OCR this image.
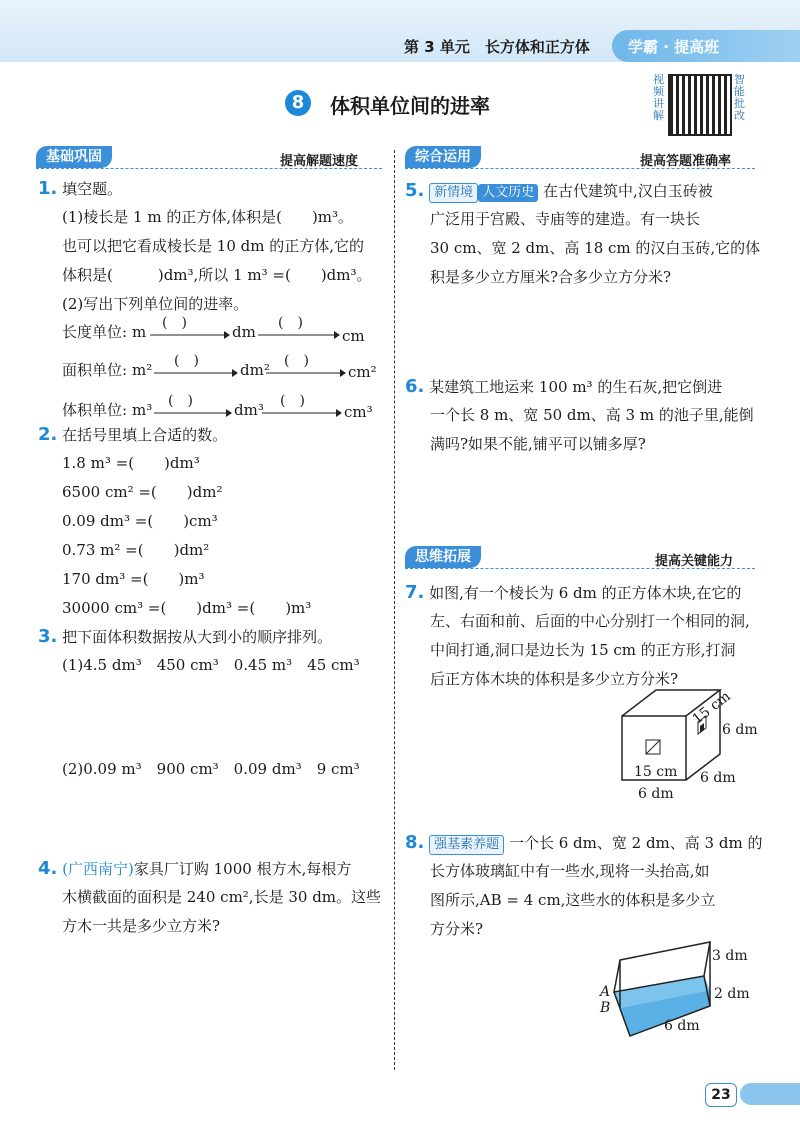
第 3 单元　长方体和正方体	学霸 · 提高班
8	体积单位间的进率
视频讲解
智能批改
基础巩固	提高解题速度	综合运用	提高答题准确率
思维拓展	提高关键能力
1. 填空题。
(1)棱长是 1 m 的正方体,体积是(　　)m³。
也可以把它看成棱长是 10 dm 的正方体,它的
体积是(　　　)dm³,所以 1 m³ =(　　)dm³。
(2)写出下列单位间的进率。
长度单位: m (　)	dm (　)
cm
面积单位: m² (　)	dm² (　)
cm²
体积单位: m³ (　)	dm³ (　)
cm³
2. 在括号里填上合适的数。
1.8 m³ =(　　)dm³
6500 cm² =(　　)dm²
0.09 dm³ =(　　)cm³
0.73 m² =(　　)dm²
170 dm³ =(　　)m³
30000 cm³ =(　　)dm³ =(　　)m³
3. 把下面体积数据按从大到小的顺序排列。
(1)4.5 dm³　450 cm³　0.45 m³　45 cm³
(2)0.09 m³　900 cm³　0.09 dm³　9 cm³
4. (广西南宁)家具厂订购 1000 根方木,每根方
木横截面的面积是 240 cm²,长是 30 dm。这些
方木一共是多少立方米?
5. 新情境 人文历史 在古代建筑中,汉白玉砖被
广泛用于宫殿、寺庙等的建造。有一块长
30 cm、宽 2 dm、高 18 cm 的汉白玉砖,它的体
积是多少立方厘米?合多少立方分米?
6. 某建筑工地运来 100 m³ 的生石灰,把它倒进
一个长 8 m、宽 50 dm、高 3 m 的池子里,能倒
满吗?如果不能,铺平可以铺多厚?
7. 如图,有一个棱长为 6 dm 的正方体木块,在它的
左、右面和前、后面的中心分别打一个相同的洞,
中间打通,洞口是边长为 15 cm 的正方形,打洞
后正方体木块的体积是多少立方分米?
15 cm
6 dm
15 cm 6 dm
6 dm
8. 强基素养题 一个长 6 dm、宽 2 dm、高 3 dm 的
长方体玻璃缸中有一些水,现将一头抬高,如
图所示,AB = 4 cm,这些水的体积是多少立
方分米?
3 dm
2 dm
6 dm
A
B
23
